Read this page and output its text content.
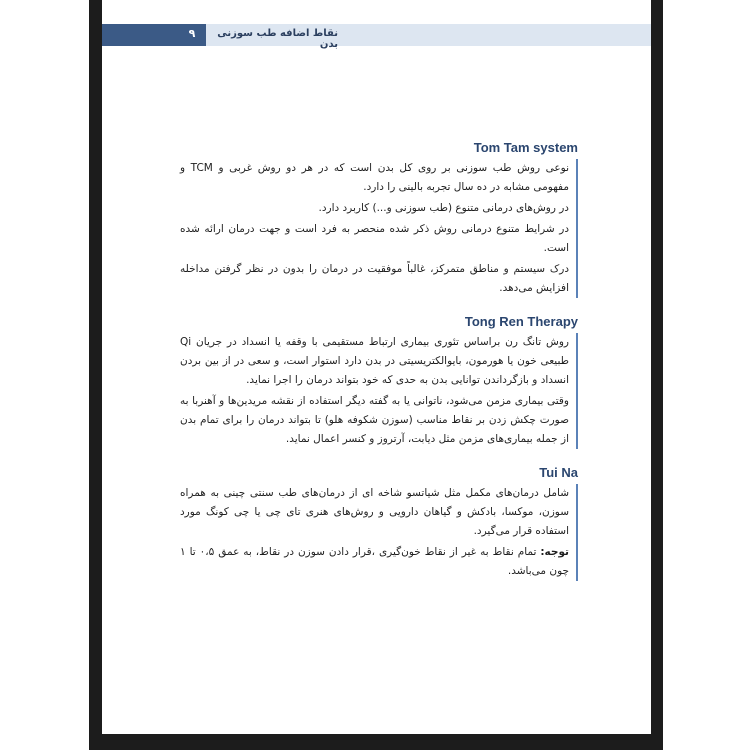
۹	نقاط اضافه طب سوزنی بدن
Tom Tam system

نوعی روش طب سوزنی بر روی کل بدن است که در هر دو روش غربی و TCM و مفهومی مشابه در ده سال تجربه بالینی را دارد.

در روش‌های درمانی متنوع (طب سوزنی و...) کاربرد دارد.

در شرایط متنوع درمانی روش ذکر شده منحصر به فرد است و جهت درمان ارائه شده است.

درک سیستم و مناطق متمرکز، غالباً موفقیت در درمان را بدون در نظر گرفتن مداخله افزایش می‌دهد.

Tong Ren Therapy

روش تانگ رن براساس تئوری بیماری ارتباط مستقیمی با وقفه یا انسداد در جریان Qi طبیعی خون یا هورمون، بایوالکتریسیتی در بدن دارد استوار است، و سعی در از بین بردن انسداد و بازگرداندن توانایی بدن به حدی که خود بتواند درمان را اجرا نماید.

وقتی بیماری مزمن می‌شود، ناتوانی یا به گفته دیگر استفاده از نقشه مریدین‌ها و آهنربا به صورت چکش زدن بر نقاط مناسب (سوزن شکوفه هلو) تا بتواند درمان را برای تمام بدن از جمله بیماری‌های مزمن مثل دیابت، آرتروز و کنسر اعمال نماید.

Tui Na

شامل درمان‌های مکمل مثل شیاتسو شاخه ای از درمان‌های طب سنتی چینی به همراه سوزن، موکسا، بادکش و گیاهان دارویی و روش‌های هنری تای چی یا چی کونگ مورد استفاده قرار می‌گیرد.

توجه: تمام نقاط به غیر از نقاط خون‌گیری ،قرار دادن سوزن در نقاط، به عمق ۰،۵ تا ۱ چون می‌باشد.
